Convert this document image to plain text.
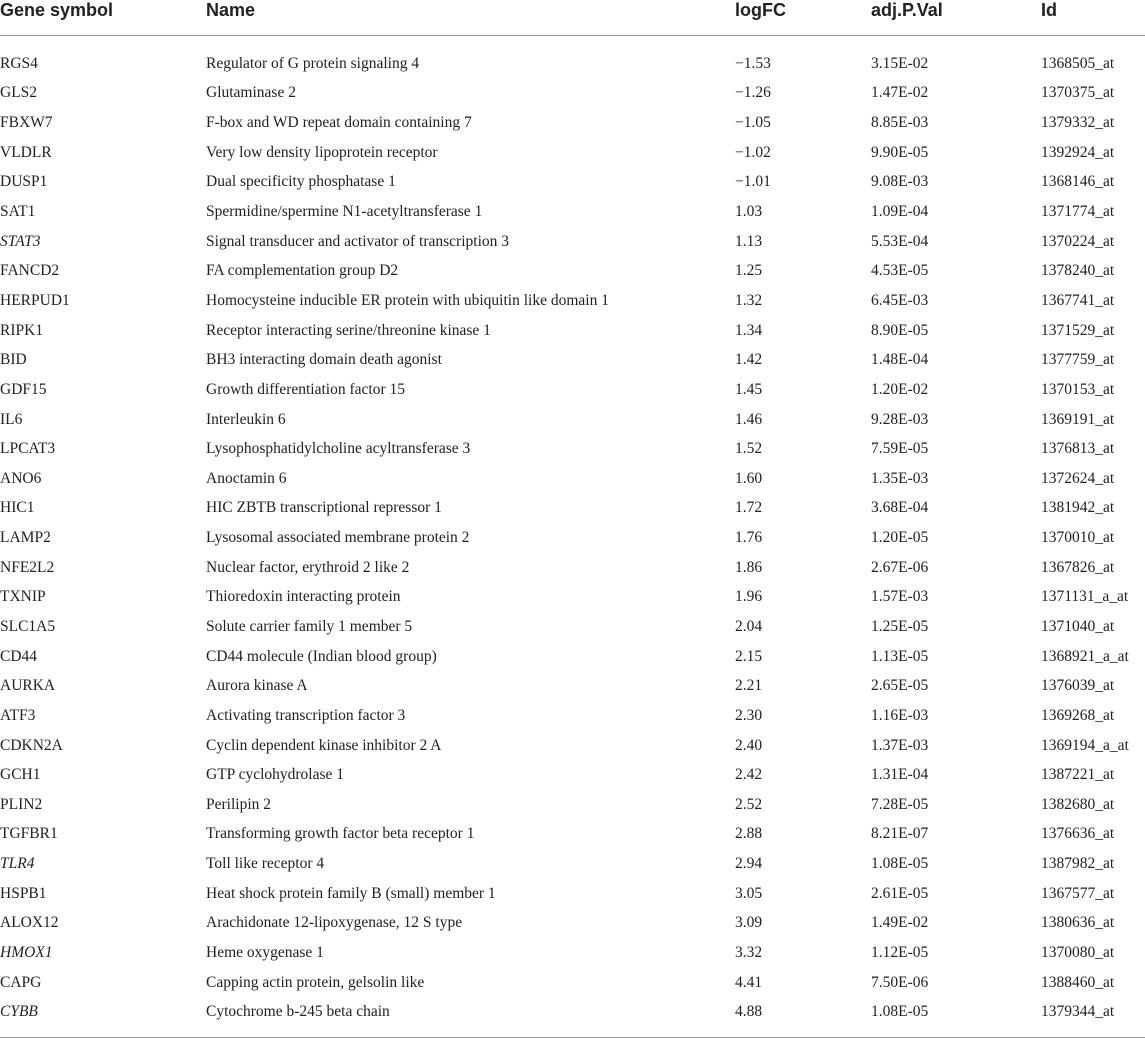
Gene symbol	Name	logFC	adj.P.Val	Id

RGS4	Regulator of G protein signaling 4	−1.53	3.15E-02	1368505_at
GLS2	Glutaminase 2	−1.26	1.47E-02	1370375_at
FBXW7	F-box and WD repeat domain containing 7	−1.05	8.85E-03	1379332_at
VLDLR	Very low density lipoprotein receptor	−1.02	9.90E-05	1392924_at
DUSP1	Dual specificity phosphatase 1	−1.01	9.08E-03	1368146_at
SAT1	Spermidine/spermine N1-acetyltransferase 1	1.03	1.09E-04	1371774_at
STAT3	Signal transducer and activator of transcription 3	1.13	5.53E-04	1370224_at
FANCD2	FA complementation group D2	1.25	4.53E-05	1378240_at
HERPUD1	Homocysteine inducible ER protein with ubiquitin like domain 1	1.32	6.45E-03	1367741_at
RIPK1	Receptor interacting serine/threonine kinase 1	1.34	8.90E-05	1371529_at
BID	BH3 interacting domain death agonist	1.42	1.48E-04	1377759_at
GDF15	Growth differentiation factor 15	1.45	1.20E-02	1370153_at
IL6	Interleukin 6	1.46	9.28E-03	1369191_at
LPCAT3	Lysophosphatidylcholine acyltransferase 3	1.52	7.59E-05	1376813_at
ANO6	Anoctamin 6	1.60	1.35E-03	1372624_at
HIC1	HIC ZBTB transcriptional repressor 1	1.72	3.68E-04	1381942_at
LAMP2	Lysosomal associated membrane protein 2	1.76	1.20E-05	1370010_at
NFE2L2	Nuclear factor, erythroid 2 like 2	1.86	2.67E-06	1367826_at
TXNIP	Thioredoxin interacting protein	1.96	1.57E-03	1371131_a_at
SLC1A5	Solute carrier family 1 member 5	2.04	1.25E-05	1371040_at
CD44	CD44 molecule (Indian blood group)	2.15	1.13E-05	1368921_a_at
AURKA	Aurora kinase A	2.21	2.65E-05	1376039_at
ATF3	Activating transcription factor 3	2.30	1.16E-03	1369268_at
CDKN2A	Cyclin dependent kinase inhibitor 2 A	2.40	1.37E-03	1369194_a_at
GCH1	GTP cyclohydrolase 1	2.42	1.31E-04	1387221_at
PLIN2	Perilipin 2	2.52	7.28E-05	1382680_at
TGFBR1	Transforming growth factor beta receptor 1	2.88	8.21E-07	1376636_at
TLR4	Toll like receptor 4	2.94	1.08E-05	1387982_at
HSPB1	Heat shock protein family B (small) member 1	3.05	2.61E-05	1367577_at
ALOX12	Arachidonate 12-lipoxygenase, 12 S type	3.09	1.49E-02	1380636_at
HMOX1	Heme oxygenase 1	3.32	1.12E-05	1370080_at
CAPG	Capping actin protein, gelsolin like	4.41	7.50E-06	1388460_at
CYBB	Cytochrome b-245 beta chain	4.88	1.08E-05	1379344_at
